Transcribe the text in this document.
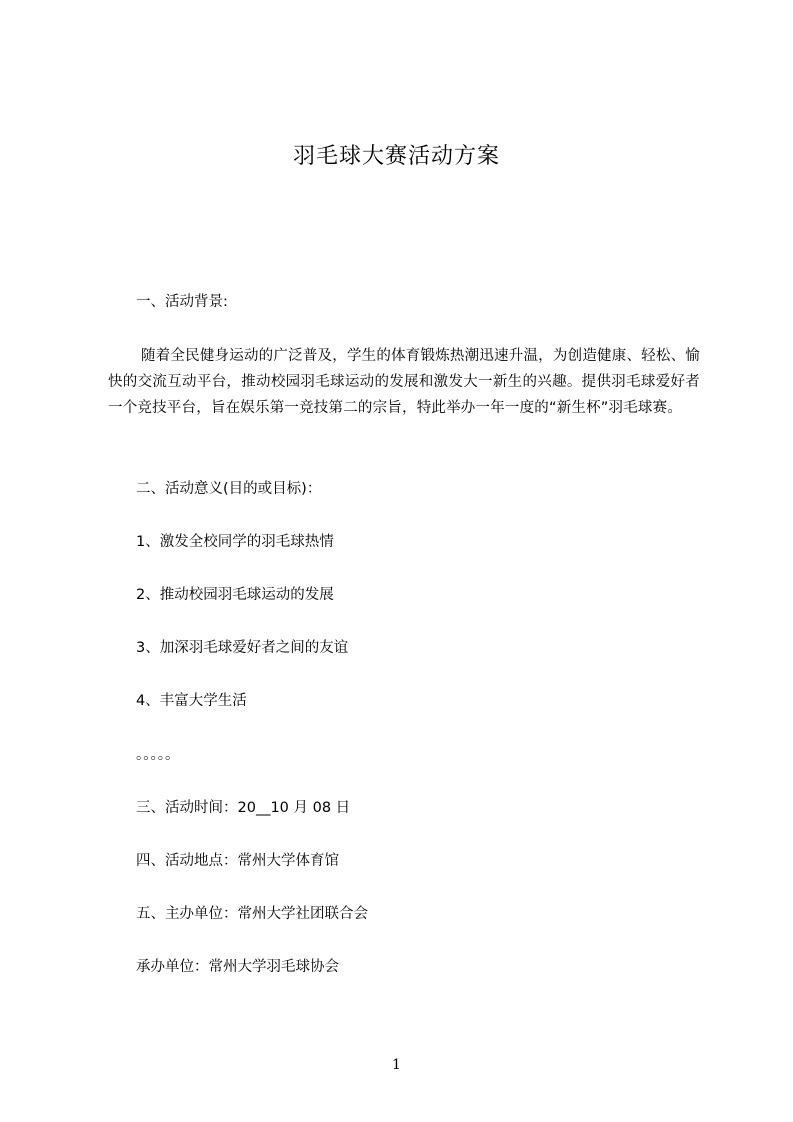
羽毛球大赛活动方案
一、活动背景:
随着全民健身运动的广泛普及，学生的体育锻炼热潮迅速升温，为创造健康、轻松、愉快的交流互动平台，推动校园羽毛球运动的发展和激发大一新生的兴趣。提供羽毛球爱好者一个竞技平台，旨在娱乐第一竞技第二的宗旨，特此举办一年一度的“新生杯”羽毛球赛。
二、活动意义(目的或目标)：
1、激发全校同学的羽毛球热情
2、推动校园羽毛球运动的发展
3、加深羽毛球爱好者之间的友谊
4、丰富大学生活
。。。。。
三、活动时间：20__10 月 08 日
四、活动地点：常州大学体育馆
五、主办单位：常州大学社团联合会
承办单位：常州大学羽毛球协会
1
